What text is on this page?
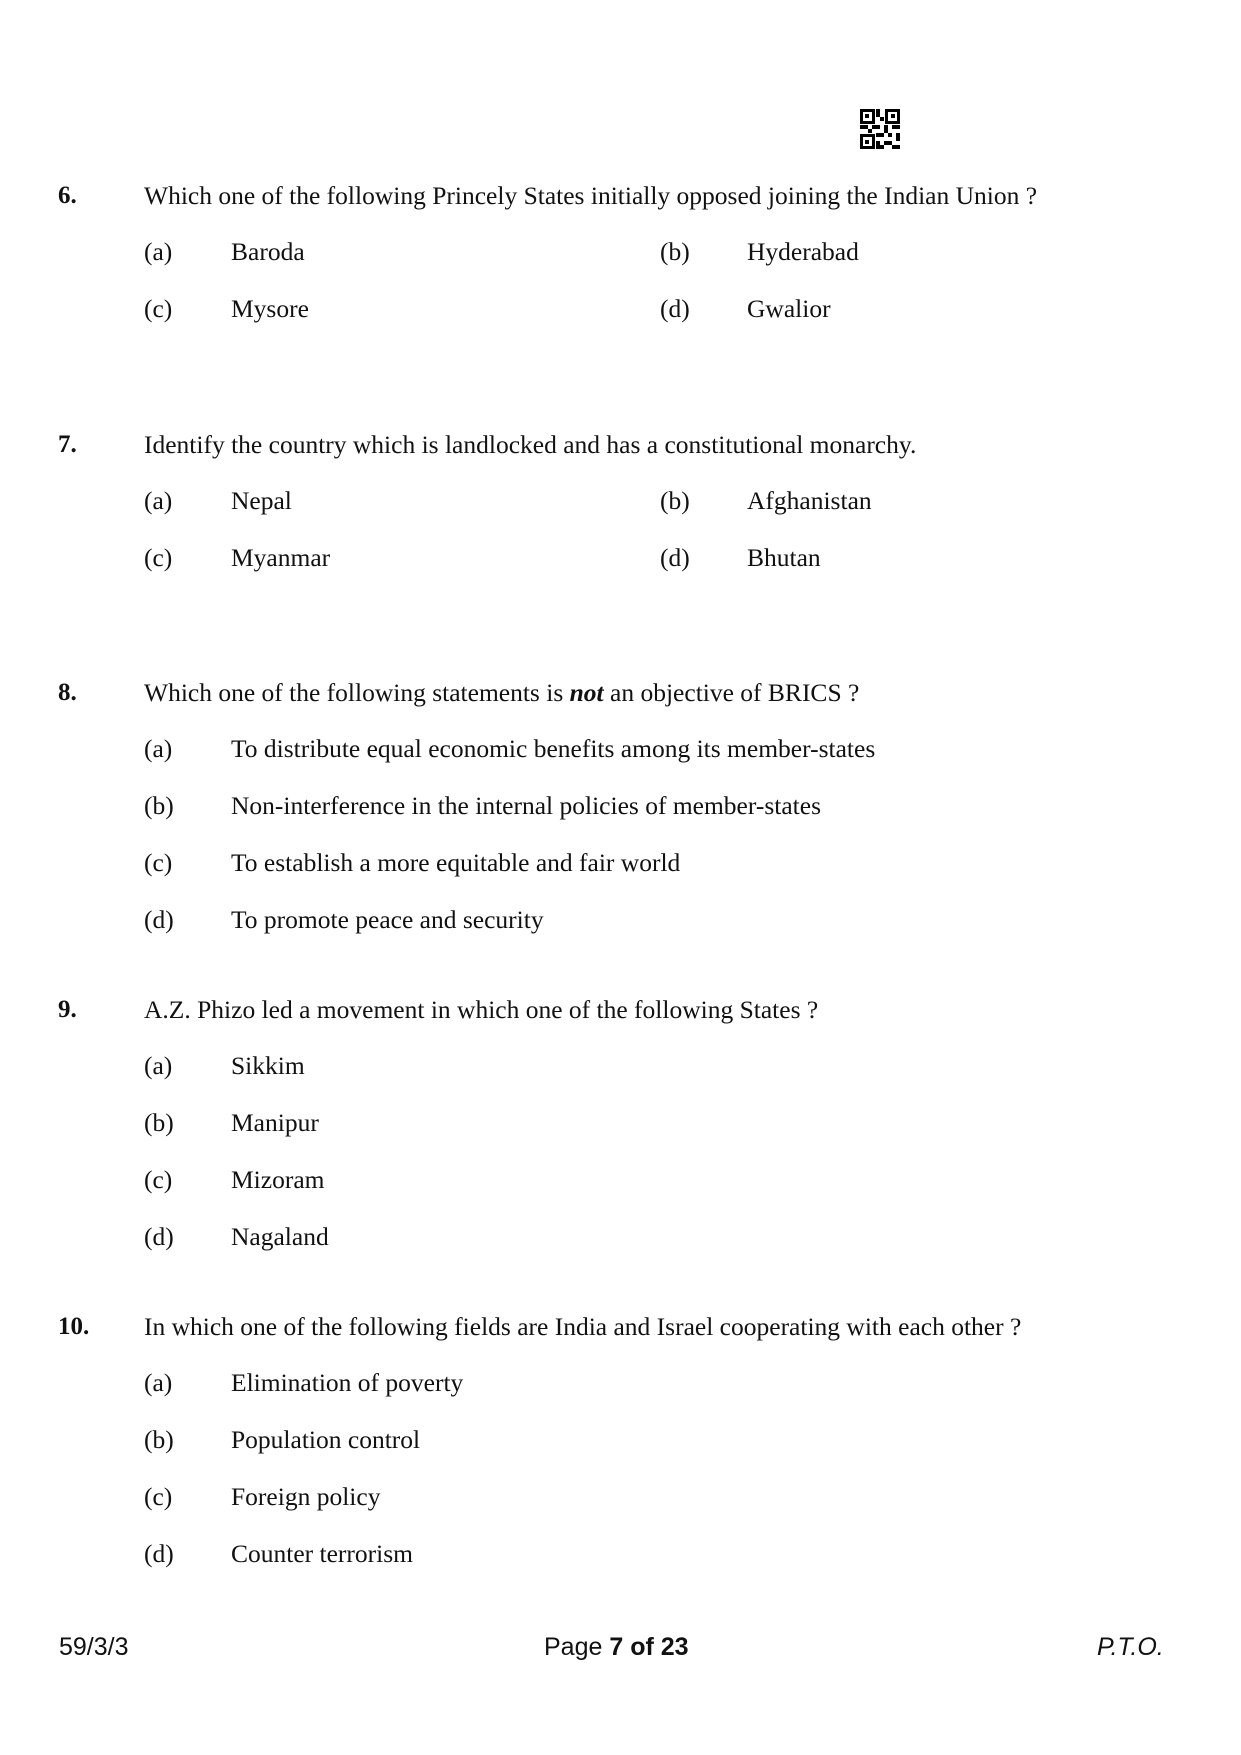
6.	Which one of the following Princely States initially opposed joining the Indian Union ?
(a) Baroda	(b) Hyderabad
(c) Mysore	(d) Gwalior
7.	Identify the country which is landlocked and has a constitutional monarchy.
(a) Nepal	(b) Afghanistan
(c) Myanmar	(d) Bhutan
8.	Which one of the following statements is not an objective of BRICS ?
(a) To distribute equal economic benefits among its member-states
(b) Non-interference in the internal policies of member-states
(c) To establish a more equitable and fair world
(d) To promote peace and security
9.	A.Z. Phizo led a movement in which one of the following States ?
(a) Sikkim
(b) Manipur
(c) Mizoram
(d) Nagaland
10. In which one of the following fields are India and Israel cooperating with each other ?
(a) Elimination of poverty
(b) Population control
(c) Foreign policy
(d) Counter terrorism
59/3/3	Page 7 of 23	P.T.O.
